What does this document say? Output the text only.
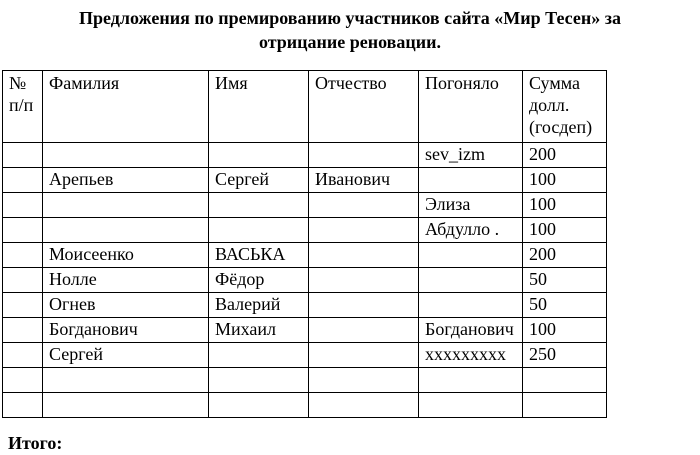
Предложения по премированию участников сайта «Мир Тесен» за
отрицание реновации.
№ п/п	Фамилия	Имя	Отчество	Погоняло	Сумма долл. (госдеп)
				sev_izm	200
	Арепьев	Сергей	Иванович		100
				Элиза	100
				Абдулло .	100
	Моисеенко	ВАСЬКА			200
	Нолле	Фёдор			50
	Огнев	Валерий			50
	Богданович	Михаил		Богданович	100
	Сергей			xxxxxxxxx	250

Итого:
